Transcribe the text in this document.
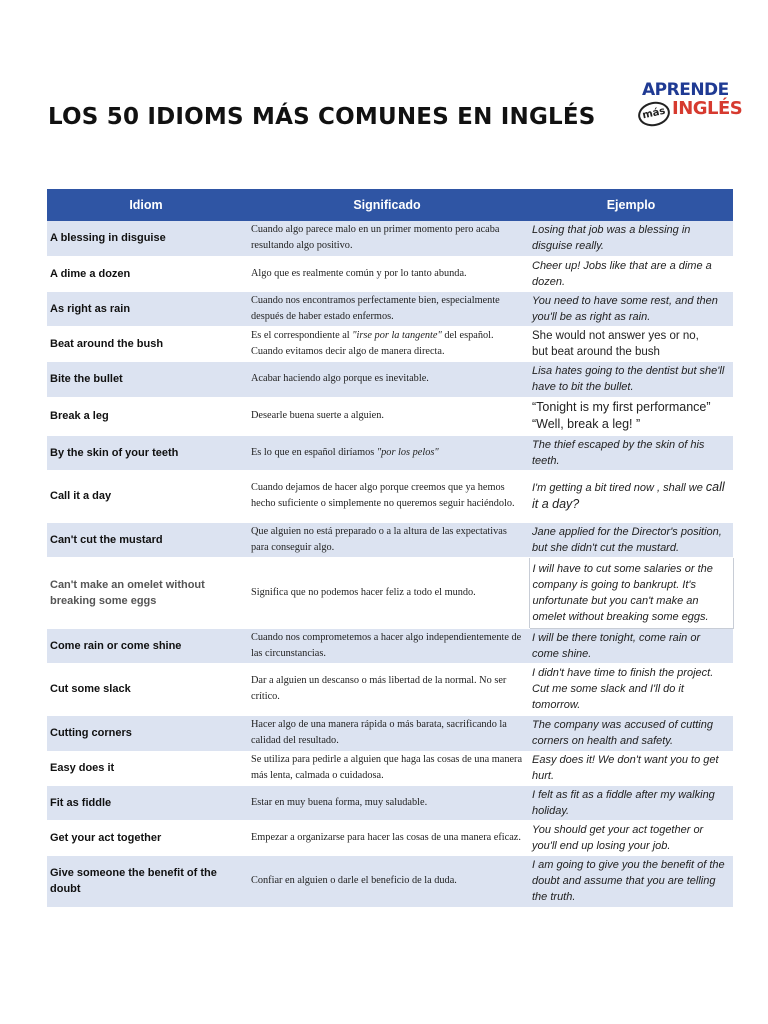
LOS 50 IDIOMS MÁS COMUNES EN INGLÉS
APRENDE
más INGLÉS
Idiom	Significado	Ejemplo
A blessing in disguise	Cuando algo parece malo en un primer momento pero acaba resultando algo positivo.	Losing that job was a blessing in disguise really.
A dime a dozen	Algo que es realmente común y por lo tanto abunda.	Cheer up! Jobs like that are a dime a dozen.
As right as rain	Cuando nos encontramos perfectamente bien, especialmente después de haber estado enfermos.	You need to have some rest, and then you'll be as right as rain.
Beat around the bush	Es el correspondiente al "irse por la tangente" del español. Cuando evitamos decir algo de manera directa.	She would not answer yes or no,
but beat around the bush
Bite the bullet	Acabar haciendo algo porque es inevitable.	Lisa hates going to the dentist but she'll have to bit the bullet.
Break a leg	Desearle buena suerte a alguien.	“Tonight is my first performance”
“Well, break a leg! ”
By the skin of your teeth	Es lo que en español diríamos "por los pelos"	The thief escaped by the skin of his teeth.
Call it a day	Cuando dejamos de hacer algo porque creemos que ya hemos hecho suficiente o simplemente no queremos seguir haciéndolo.	I'm getting a bit tired now , shall we call it a day?
Can't cut the mustard	Que alguien no está preparado o a la altura de las expectativas para conseguir algo.	Jane applied for the Director's position, but she didn't cut the mustard.
Can't make an omelet without breaking some eggs	Significa que no podemos hacer feliz a todo el mundo.	I will have to cut some salaries or the company is going to bankrupt. It's unfortunate but you can't make an omelet without breaking some eggs.
Come rain or come shine	Cuando nos comprometemos a hacer algo independientemente de las circunstancias.	I will be there tonight, come rain or come shine.
Cut some slack	Dar a alguien un descanso o más libertad de la normal. No ser crítico.	I didn't have time to finish the project. Cut me some slack and I'll do it tomorrow.
Cutting corners	Hacer algo de una manera rápida o más barata, sacrificando la calidad del resultado.	The company was accused of cutting corners on health and safety.
Easy does it	Se utiliza para pedirle a alguien que haga las cosas de una manera más lenta, calmada o cuidadosa.	Easy does it! We don't want you to get hurt.
Fit as fiddle	Estar en muy buena forma, muy saludable.	I felt as fit as a fiddle after my walking holiday.
Get your act together	Empezar a organizarse para hacer las cosas de una manera eficaz.	You should get your act together or you'll end up losing your job.
Give someone the benefit of the doubt	Confiar en alguien o darle el beneficio de la duda.	I am going to give you the benefit of the doubt and assume that you are telling the truth.
